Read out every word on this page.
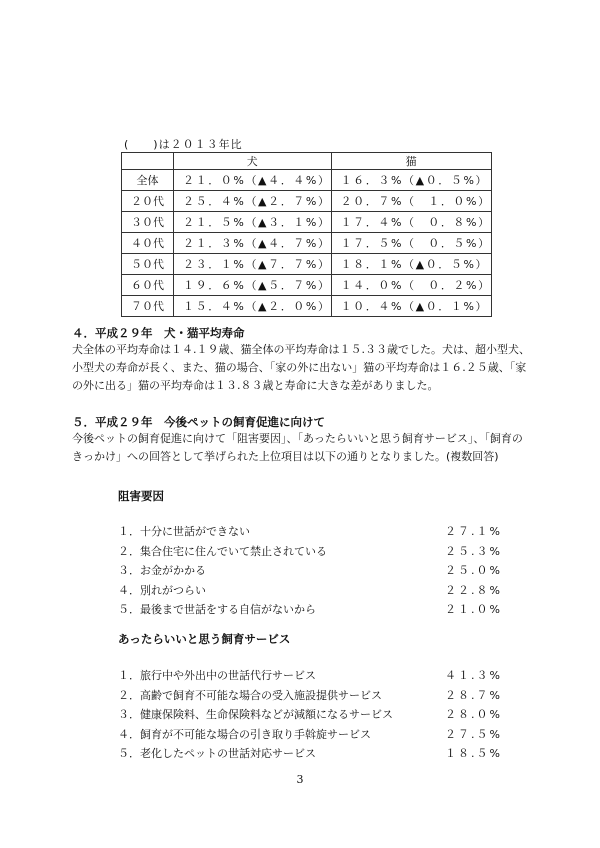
(　　)は２０１３年比
	犬	猫
全体	２１．０%（▲４．４%）	１６．３%（▲０．５%）
２０代	２５．４%（▲２．７%）	２０．７%（　１．０%）
３０代	２１．５%（▲３．１%）	１７．４%（　０．８%）
４０代	２１．３%（▲４．７%）	１７．５%（　０．５%）
５０代	２３．１%（▲７．７%）	１８．１%（▲０．５%）
６０代	１９．６%（▲５．７%）	１４．０%（　０．２%）
７０代	１５．４%（▲２．０%）	１０．４%（▲０．１%）
４．平成２９年　犬・猫平均寿命
犬全体の平均寿命は１４.１９歳、猫全体の平均寿命は１５.３３歳でした。犬は、超小型犬、
小型犬の寿命が長く、また、猫の場合、「家の外に出ない」猫の平均寿命は１６.２５歳、「家
の外に出る」猫の平均寿命は１３.８３歳と寿命に大きな差がありました。
５．平成２９年　今後ペットの飼育促進に向けて
今後ペットの飼育促進に向けて「阻害要因」、「あったらいいと思う飼育サービス」、「飼育の
きっかけ」への回答として挙げられた上位項目は以下の通りとなりました。(複数回答)
阻害要因
１．十分に世話ができない	２７.１%
２．集合住宅に住んでいて禁止されている	２５.３%
３．お金がかかる	２５.０%
４．別れがつらい	２２.８%
５．最後まで世話をする自信がないから	２１.０%
あったらいいと思う飼育サービス
１．旅行中や外出中の世話代行サービス	４１.３%
２．高齢で飼育不可能な場合の受入施設提供サービス	２８.７%
３．健康保険料、生命保険料などが減額になるサービス	２８.０%
４．飼育が不可能な場合の引き取り手斡旋サービス	２７.５%
５．老化したペットの世話対応サービス	１８.５%
3
